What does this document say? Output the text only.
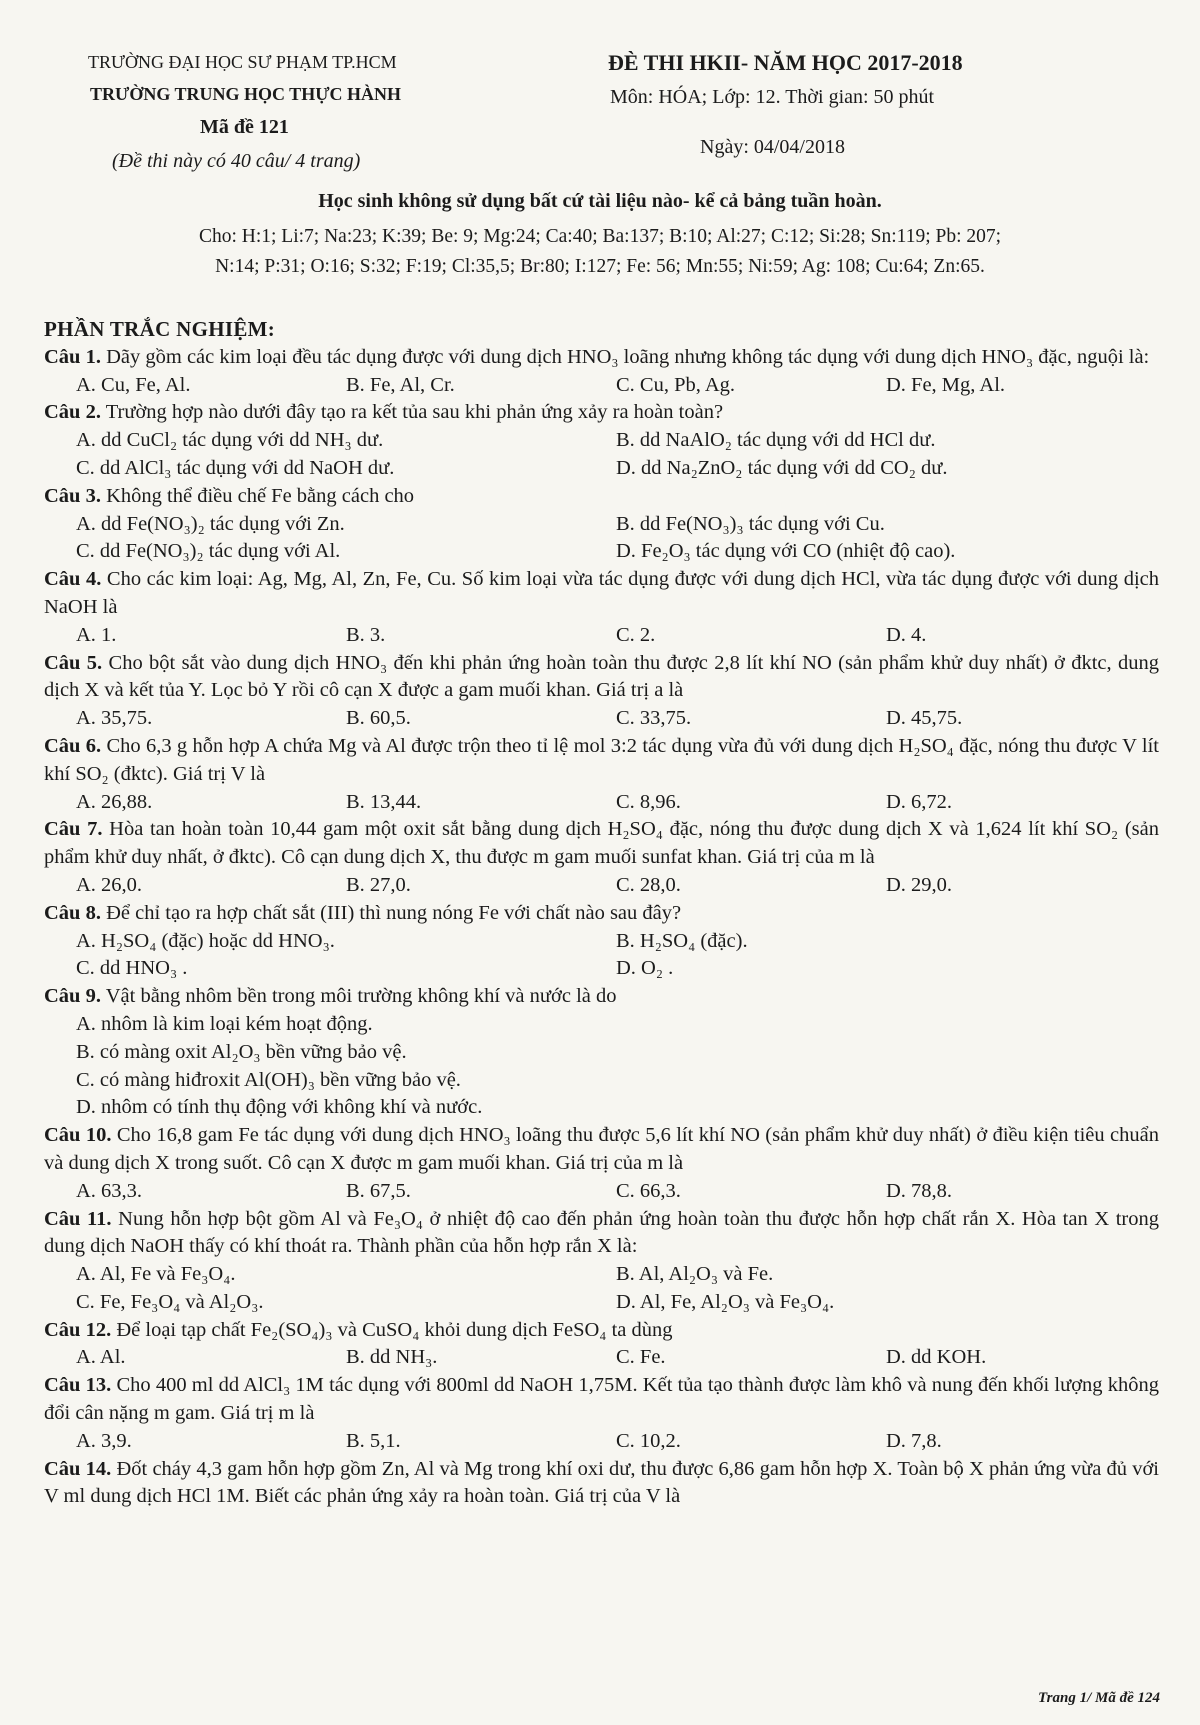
TRƯỜNG ĐẠI HỌC SƯ PHẠM TP.HCM
TRƯỜNG TRUNG HỌC THỰC HÀNH
Mã đề 121
(Đề thi này có 40 câu/ 4 trang)
ĐÈ THI HKII- NĂM HỌC 2017-2018
Môn: HÓA; Lớp: 12. Thời gian: 50 phút
Ngày: 04/04/2018
Học sinh không sử dụng bất cứ tài liệu nào- kể cả bảng tuần hoàn.
Cho: H:1; Li:7; Na:23; K:39; Be: 9; Mg:24; Ca:40; Ba:137; B:10; Al:27; C:12; Si:28; Sn:119; Pb: 207;
N:14; P:31; O:16; S:32; F:19; Cl:35,5; Br:80; I:127; Fe: 56; Mn:55; Ni:59; Ag: 108; Cu:64; Zn:65.
PHẦN TRẮC NGHIỆM:
Câu 1. Dãy gồm các kim loại đều tác dụng được với dung dịch HNO₃ loãng nhưng không tác dụng với dung dịch HNO₃ đặc, nguội là:
A. Cu, Fe, Al.	B. Fe, Al, Cr.	C. Cu, Pb, Ag.	D. Fe, Mg, Al.
Câu 2. Trường hợp nào dưới đây tạo ra kết tủa sau khi phản ứng xảy ra hoàn toàn?
A. dd CuCl₂ tác dụng với dd NH₃ dư.	B. dd NaAlO₂ tác dụng với dd HCl dư.
C. dd AlCl₃ tác dụng với dd NaOH dư.	D. dd Na₂ZnO₂ tác dụng với dd CO₂ dư.
Câu 3. Không thể điều chế Fe bằng cách cho
A. dd Fe(NO₃)₂ tác dụng với Zn.	B. dd Fe(NO₃)₃ tác dụng với Cu.
C. dd Fe(NO₃)₂ tác dụng với Al.	D. Fe₂O₃ tác dụng với CO (nhiệt độ cao).
Câu 4. Cho các kim loại: Ag, Mg, Al, Zn, Fe, Cu. Số kim loại vừa tác dụng được với dung dịch HCl, vừa tác dụng được với dung dịch NaOH là
A. 1.	B. 3.	C. 2.	D. 4.
Câu 5. Cho bột sắt vào dung dịch HNO₃ đến khi phản ứng hoàn toàn thu được 2,8 lít khí NO (sản phẩm khử duy nhất) ở đktc, dung dịch X và kết tủa Y. Lọc bỏ Y rồi cô cạn X được a gam muối khan. Giá trị a là
A. 35,75.	B. 60,5.	C. 33,75.	D. 45,75.
Câu 6. Cho 6,3 g hỗn hợp A chứa Mg và Al được trộn theo tỉ lệ mol 3:2 tác dụng vừa đủ với dung dịch H₂SO₄ đặc, nóng thu được V lít khí SO₂ (đktc). Giá trị V là
A. 26,88.	B. 13,44.	C. 8,96.	D. 6,72.
Câu 7. Hòa tan hoàn toàn 10,44 gam một oxit sắt bằng dung dịch H₂SO₄ đặc, nóng thu được dung dịch X và 1,624 lít khí SO₂ (sản phẩm khử duy nhất, ở đktc). Cô cạn dung dịch X, thu được m gam muối sunfat khan. Giá trị của m là
A. 26,0.	B. 27,0.	C. 28,0.	D. 29,0.
Câu 8. Để chỉ tạo ra hợp chất sắt (III) thì nung nóng Fe với chất nào sau đây?
A. H₂SO₄ (đặc) hoặc dd HNO₃.	B. H₂SO₄ (đặc).
C. dd HNO₃ .	D. O₂ .
Câu 9. Vật bằng nhôm bền trong môi trường không khí và nước là do
A. nhôm là kim loại kém hoạt động.
B. có màng oxit Al₂O₃ bền vững bảo vệ.
C. có màng hiđroxit Al(OH)₃ bền vững bảo vệ.
D. nhôm có tính thụ động với không khí và nước.
Câu 10. Cho 16,8 gam Fe tác dụng với dung dịch HNO₃ loãng thu được 5,6 lít khí NO (sản phẩm khử duy nhất) ở điều kiện tiêu chuẩn và dung dịch X trong suốt. Cô cạn X được m gam muối khan. Giá trị của m là
A. 63,3.	B. 67,5.	C. 66,3.	D. 78,8.
Câu 11. Nung hỗn hợp bột gồm Al và Fe₃O₄ ở nhiệt độ cao đến phản ứng hoàn toàn thu được hỗn hợp chất rắn X. Hòa tan X trong dung dịch NaOH thấy có khí thoát ra. Thành phần của hỗn hợp rắn X là:
A. Al, Fe và Fe₃O₄.	B. Al, Al₂O₃ và Fe.
C. Fe, Fe₃O₄ và Al₂O₃.	D. Al, Fe, Al₂O₃ và Fe₃O₄.
Câu 12. Để loại tạp chất Fe₂(SO₄)₃ và CuSO₄ khỏi dung dịch FeSO₄ ta dùng
A. Al.	B. dd NH₃.	C. Fe.	D. dd KOH.
Câu 13. Cho 400 ml dd AlCl₃ 1M tác dụng với 800ml dd NaOH 1,75M. Kết tủa tạo thành được làm khô và nung đến khối lượng không đổi cân nặng m gam. Giá trị m là
A. 3,9.	B. 5,1.	C. 10,2.	D. 7,8.
Câu 14. Đốt cháy 4,3 gam hỗn hợp gồm Zn, Al và Mg trong khí oxi dư, thu được 6,86 gam hỗn hợp X. Toàn bộ X phản ứng vừa đủ với V ml dung dịch HCl 1M. Biết các phản ứng xảy ra hoàn toàn. Giá trị của V là
Trang 1/ Mã đề 124
